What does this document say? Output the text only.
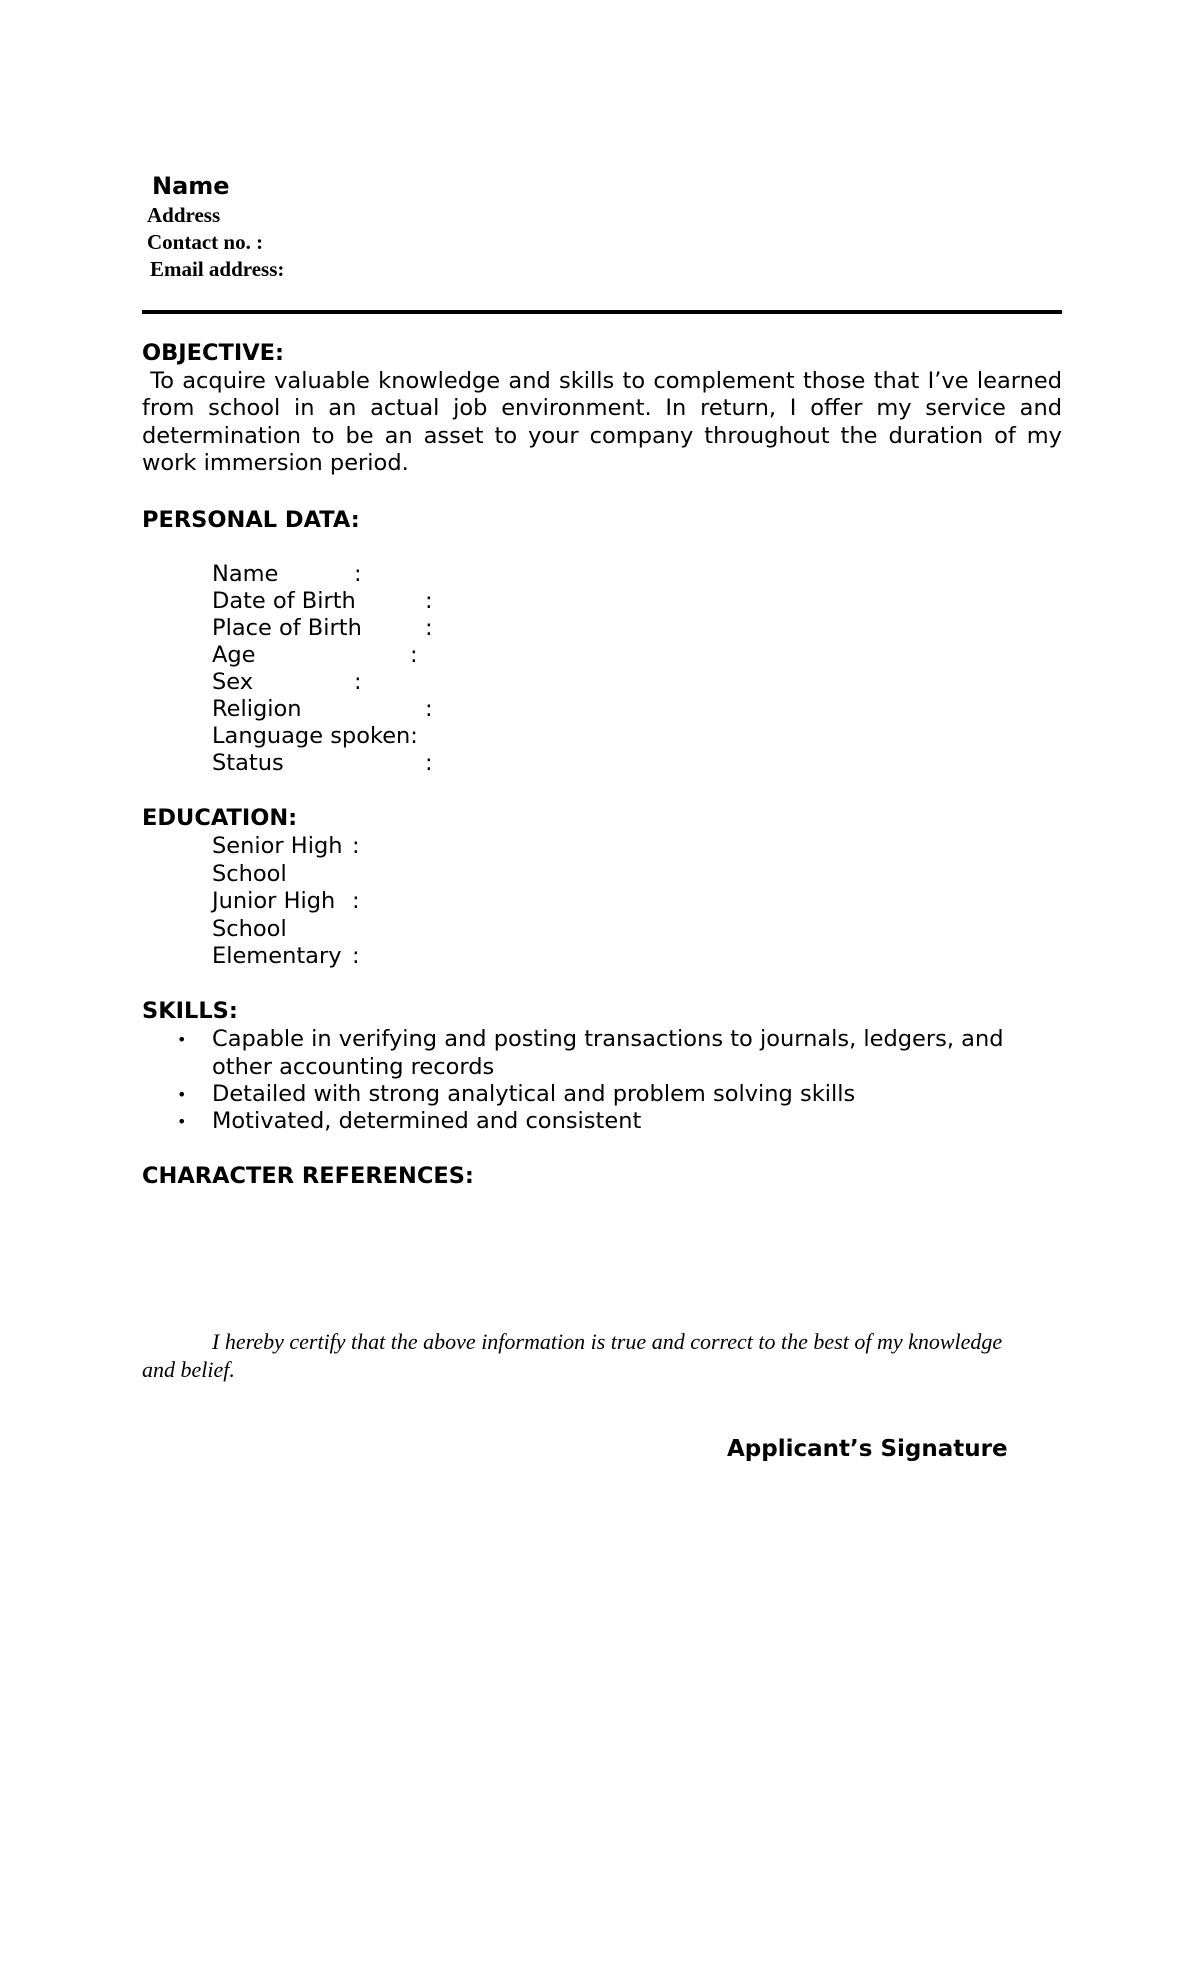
Name
Address
Contact no. :
Email address:
OBJECTIVE:
To acquire valuable knowledge and skills to complement those that I’ve learned from school in an actual job environment. In return, I offer my service and determination to be an asset to your company throughout the duration of my work immersion period.
PERSONAL DATA:
Name	:
Date of Birth	:
Place of Birth	:
Age	:
Sex	:
Religion	:
Language spoken:
Status	:
EDUCATION:
Senior High School
:
Junior High School
:
Elementary :
SKILLS:
• Capable in verifying and posting transactions to journals, ledgers, and other accounting records
• Detailed with strong analytical and problem solving skills
• Motivated, determined and consistent
CHARACTER REFERENCES:
I hereby certify that the above information is true and correct to the best of my knowledge and belief.
Applicant’s Signature
